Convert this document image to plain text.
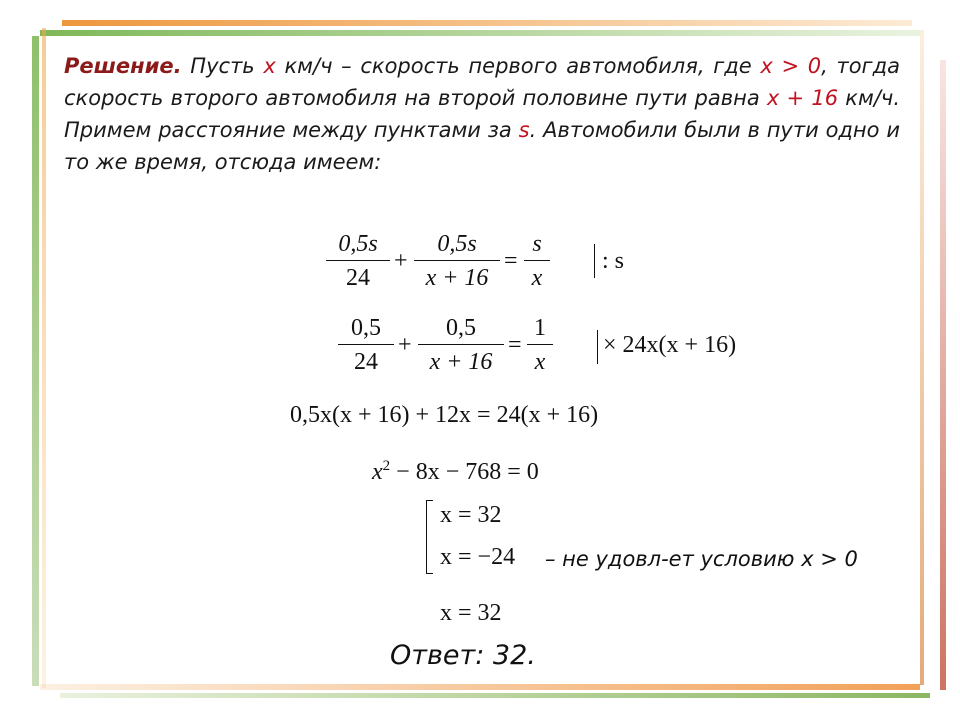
Решение. Пусть x км/ч – скорость первого автомобиля, где x > 0, тогда скорость второго автомобиля на второй половине пути равна x + 16 км/ч. Примем расстояние между пунктами за s. Автомобили были в пути одно и то же время, отсюда имеем:
0,5s
24
+
0,5s
x + 16
=
s
x
: s
0,5
24
+
0,5
x + 16
=
1
x
× 24x(x + 16)
0,5x(x + 16) + 12x = 24(x + 16)
$x^2 - 8x - 768 = 0$
x = 32
x = −24 – не удовл-ет условию x > 0
x = 32
Ответ: 32.
